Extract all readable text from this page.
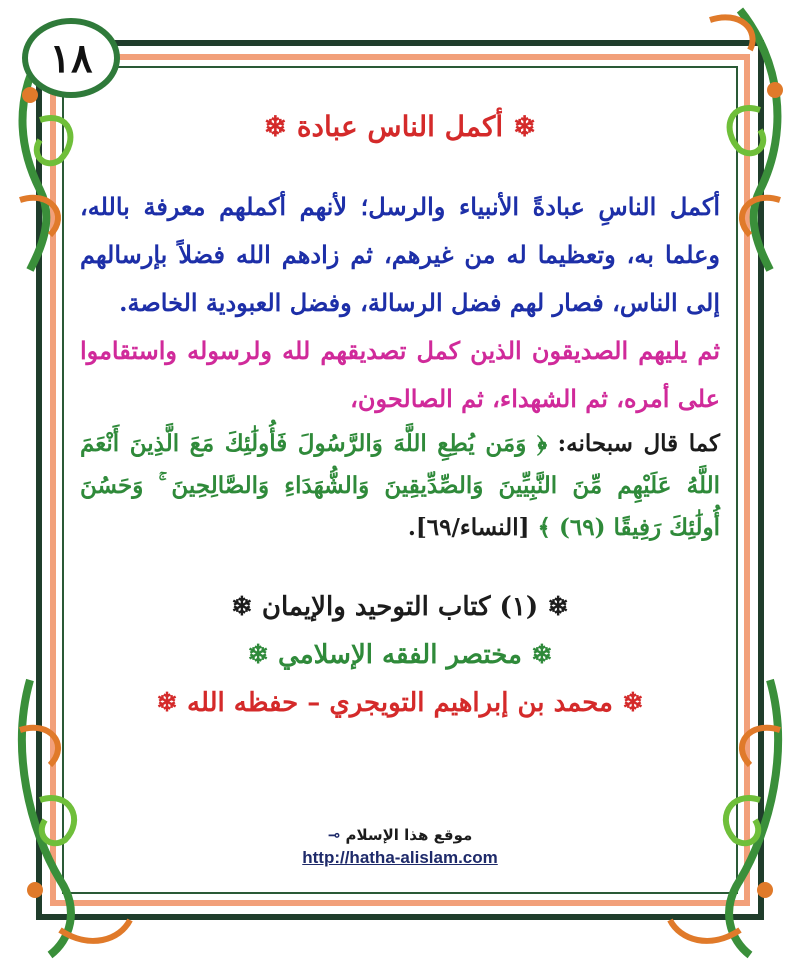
١٨
❄ أكمل الناس عبادة ❄

أكمل الناسِ عبادةً الأنبياء والرسل؛ لأنهم أكملهم معرفة بالله، وعلما به، وتعظيما له من غيرهم، ثم زادهم الله فضلاً بإرسالهم إلى الناس، فصار لهم فضل الرسالة، وفضل العبودية الخاصة.

ثم يليهم الصديقون الذين كمل تصديقهم لله ولرسوله واستقاموا على أمره، ثم الشهداء، ثم الصالحون،

كما قال سبحانه: ﴿ وَمَن يُطِعِ اللَّهَ وَالرَّسُولَ فَأُولَٰئِكَ مَعَ الَّذِينَ أَنْعَمَ اللَّهُ عَلَيْهِم مِّنَ النَّبِيِّينَ وَالصِّدِّيقِينَ وَالشُّهَدَاءِ وَالصَّالِحِينَ ۚ وَحَسُنَ أُولَٰئِكَ رَفِيقًا (٦٩) ﴾ [النساء/٦٩].

❄ (١) كتاب التوحيد والإيمان ❄

❄ مختصر الفقه الإسلامي ❄

❄ محمد بن إبراهيم التويجري – حفظه الله ❄

موقع هذا الإسلام ⊸
http://hatha-alislam.com
